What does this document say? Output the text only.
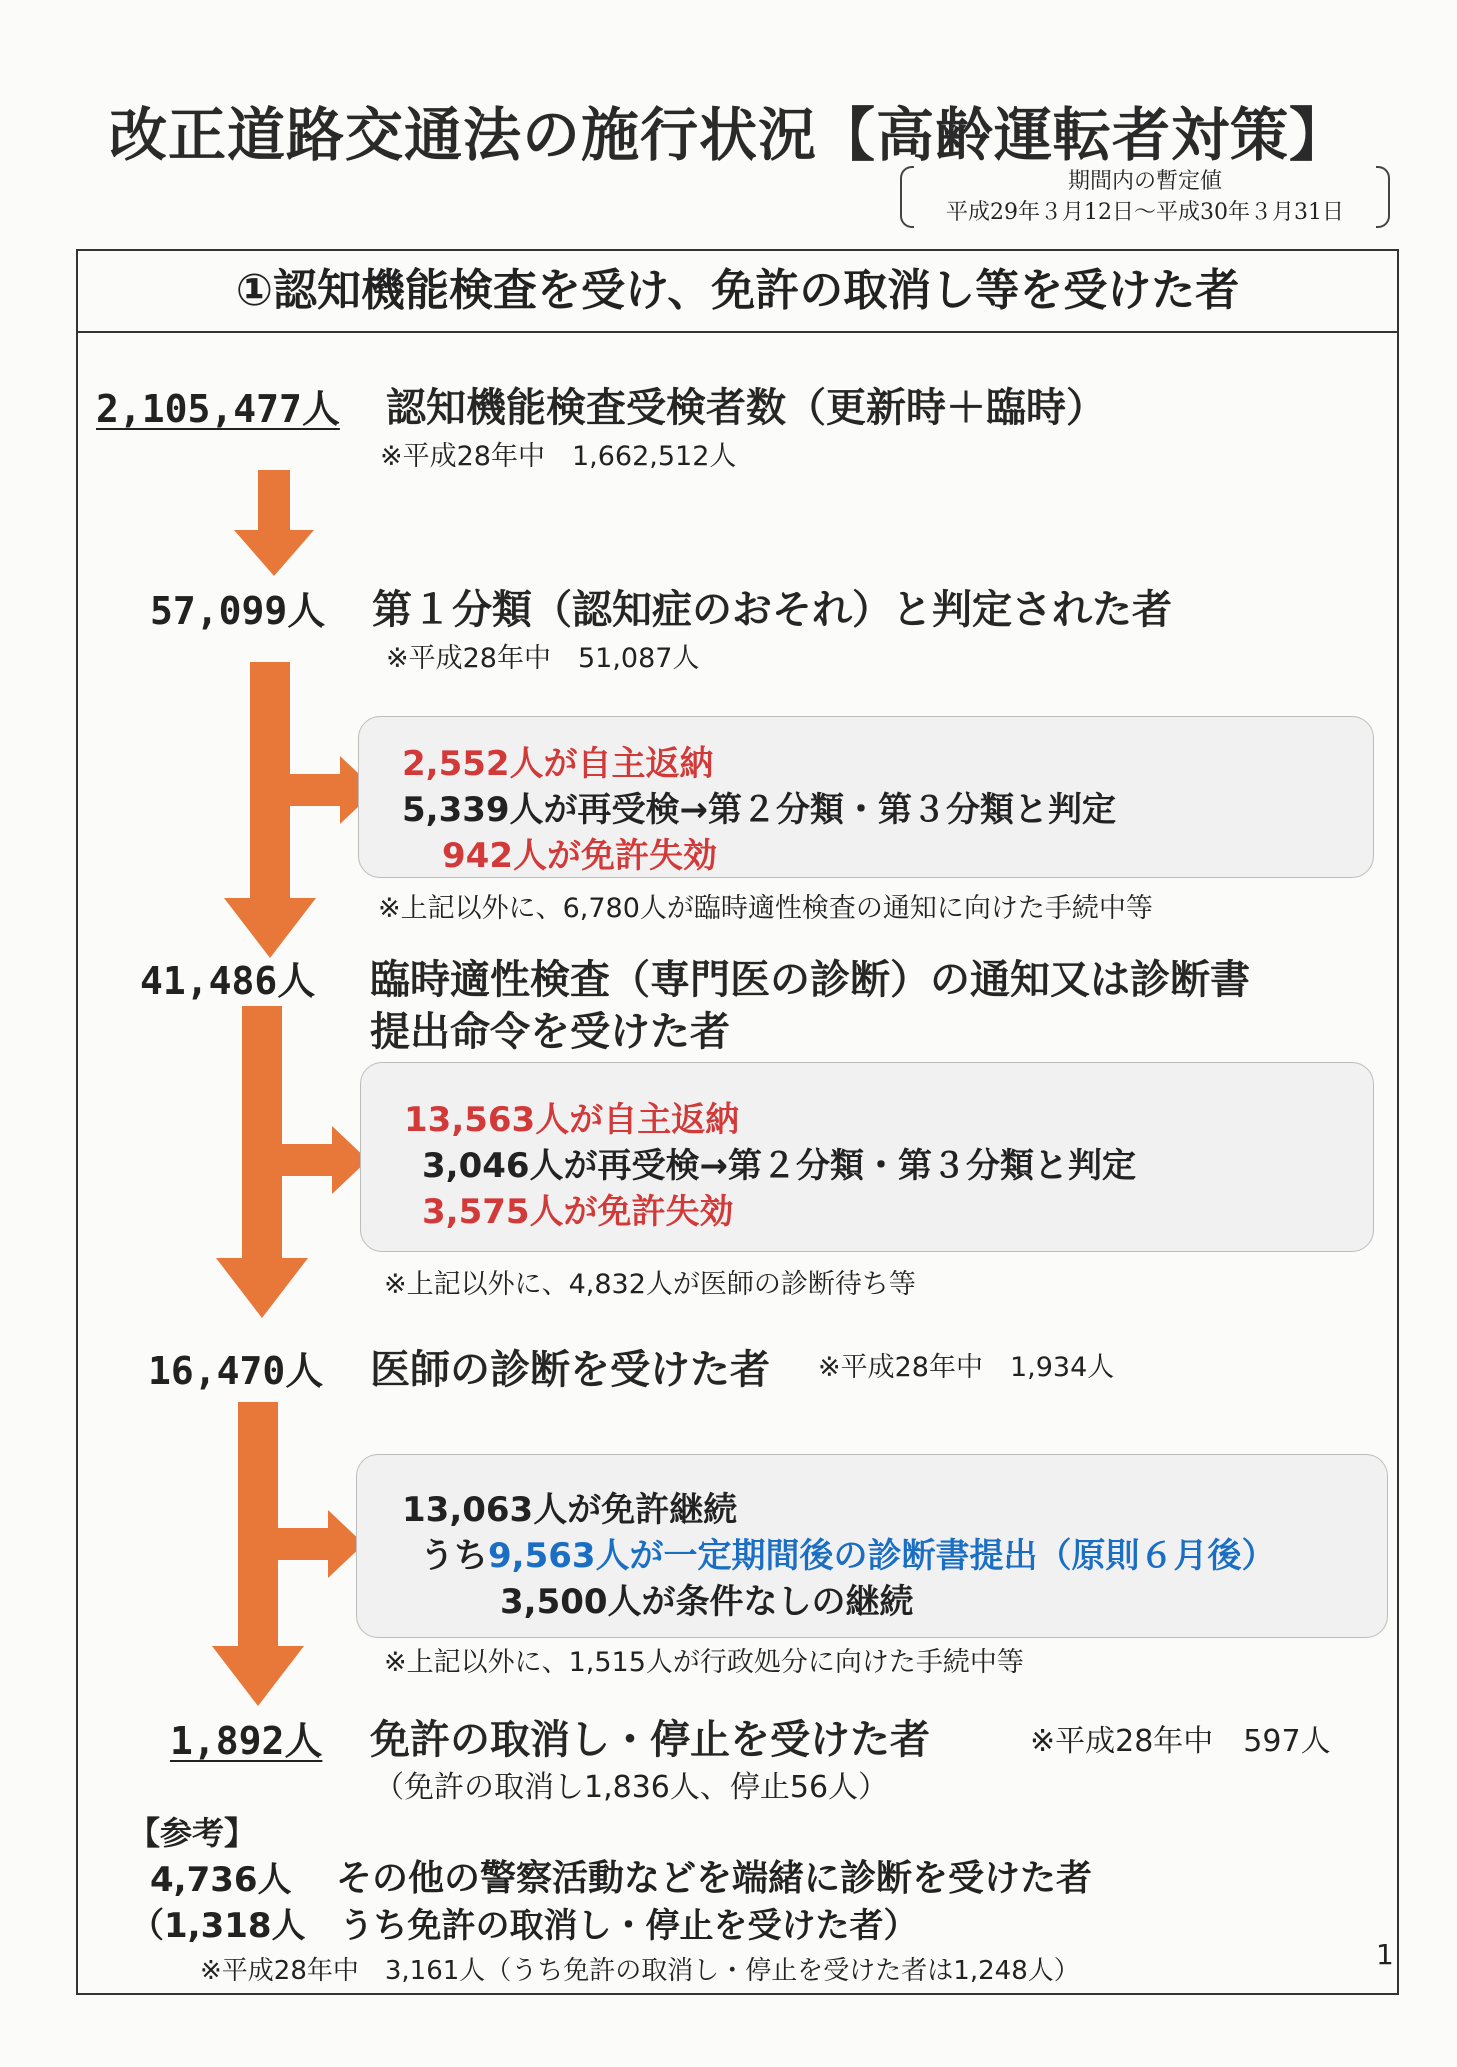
改正道路交通法の施行状況【高齢運転者対策】
期間内の暫定値
平成29年３月12日～平成30年３月31日
①認知機能検査を受け、免許の取消し等を受けた者
2,105,477人 認知機能検査受検者数（更新時＋臨時）
※平成28年中　1,662,512人
57,099人 第１分類（認知症のおそれ）と判定された者
※平成28年中　51,087人
2,552人が自主返納
5,339人が再受検→第２分類・第３分類と判定
942人が免許失効
※上記以外に、6,780人が臨時適性検査の通知に向けた手続中等
41,486人 臨時適性検査（専門医の診断）の通知又は診断書
提出命令を受けた者
13,563人が自主返納
3,046人が再受検→第２分類・第３分類と判定
3,575人が免許失効
※上記以外に、4,832人が医師の診断待ち等
16,470人 医師の診断を受けた者 ※平成28年中　1,934人
13,063人が免許継続
うち9,563人が一定期間後の診断書提出（原則６月後）
3,500人が条件なしの継続
※上記以外に、1,515人が行政処分に向けた手続中等
1,892人 免許の取消し・停止を受けた者	※平成28年中　597人
（免許の取消し1,836人、停止56人）
【参考】
4,736人 その他の警察活動などを端緒に診断を受けた者
（1,318人　うち免許の取消し・停止を受けた者）
※平成28年中　3,161人（うち免許の取消し・停止を受けた者は1,248人）	1
